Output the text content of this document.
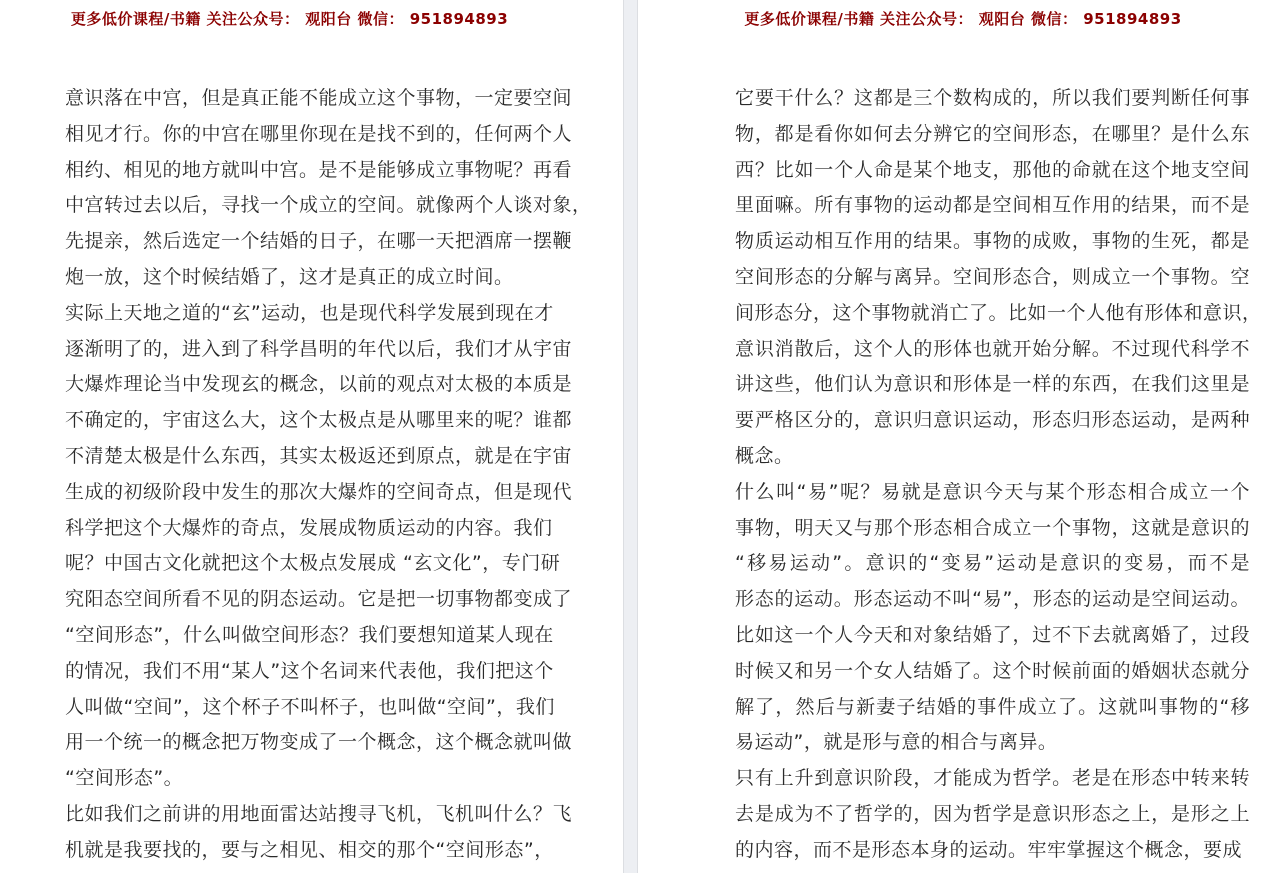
更多低价课程/书籍 关注公众号： 观阳台 微信： 951894893
意识落在中宫，但是真正能不能成立这个事物，一定要空间
相见才行。你的中宫在哪里你现在是找不到的，任何两个人
相约、相见的地方就叫中宫。是不是能够成立事物呢？再看
中宫转过去以后，寻找一个成立的空间。就像两个人谈对象，
先提亲，然后选定一个结婚的日子，在哪一天把酒席一摆鞭
炮一放，这个时候结婚了，这才是真正的成立时间。
实际上天地之道的“玄”运动，也是现代科学发展到现在才
逐渐明了的，进入到了科学昌明的年代以后，我们才从宇宙
大爆炸理论当中发现玄的概念，以前的观点对太极的本质是
不确定的，宇宙这么大，这个太极点是从哪里来的呢？谁都
不清楚太极是什么东西，其实太极返还到原点，就是在宇宙
生成的初级阶段中发生的那次大爆炸的空间奇点，但是现代
科学把这个大爆炸的奇点，发展成物质运动的内容。我们
呢？中国古文化就把这个太极点发展成 “玄文化”，专门研
究阳态空间所看不见的阴态运动。它是把一切事物都变成了
“空间形态”，什么叫做空间形态？我们要想知道某人现在
的情况，我们不用“某人”这个名词来代表他，我们把这个
人叫做“空间”，这个杯子不叫杯子，也叫做“空间”，我们
用一个统一的概念把万物变成了一个概念，这个概念就叫做
“空间形态”。
比如我们之前讲的用地面雷达站搜寻飞机，飞机叫什么？飞
机就是我要找的，要与之相见、相交的那个“空间形态”，
更多低价课程/书籍 关注公众号： 观阳台 微信： 951894893
它要干什么？这都是三个数构成的，所以我们要判断任何事
物，都是看你如何去分辨它的空间形态，在哪里？是什么东
西？比如一个人命是某个地支，那他的命就在这个地支空间
里面嘛。所有事物的运动都是空间相互作用的结果，而不是
物质运动相互作用的结果。事物的成败，事物的生死，都是
空间形态的分解与离异。空间形态合，则成立一个事物。空
间形态分，这个事物就消亡了。比如一个人他有形体和意识，
意识消散后，这个人的形体也就开始分解。不过现代科学不
讲这些，他们认为意识和形体是一样的东西，在我们这里是
要严格区分的，意识归意识运动，形态归形态运动，是两种
概念。
什么叫“易”呢？易就是意识今天与某个形态相合成立一个
事物，明天又与那个形态相合成立一个事物，这就是意识的
“移易运动”。意识的“变易”运动是意识的变易，而不是
形态的运动。形态运动不叫“易”，形态的运动是空间运动。
比如这一个人今天和对象结婚了，过不下去就离婚了，过段
时候又和另一个女人结婚了。这个时候前面的婚姻状态就分
解了，然后与新妻子结婚的事件成立了。这就叫事物的“移
易运动”，就是形与意的相合与离异。
只有上升到意识阶段，才能成为哲学。老是在形态中转来转
去是成为不了哲学的，因为哲学是意识形态之上，是形之上
的内容，而不是形态本身的运动。牢牢掌握这个概念，要成
